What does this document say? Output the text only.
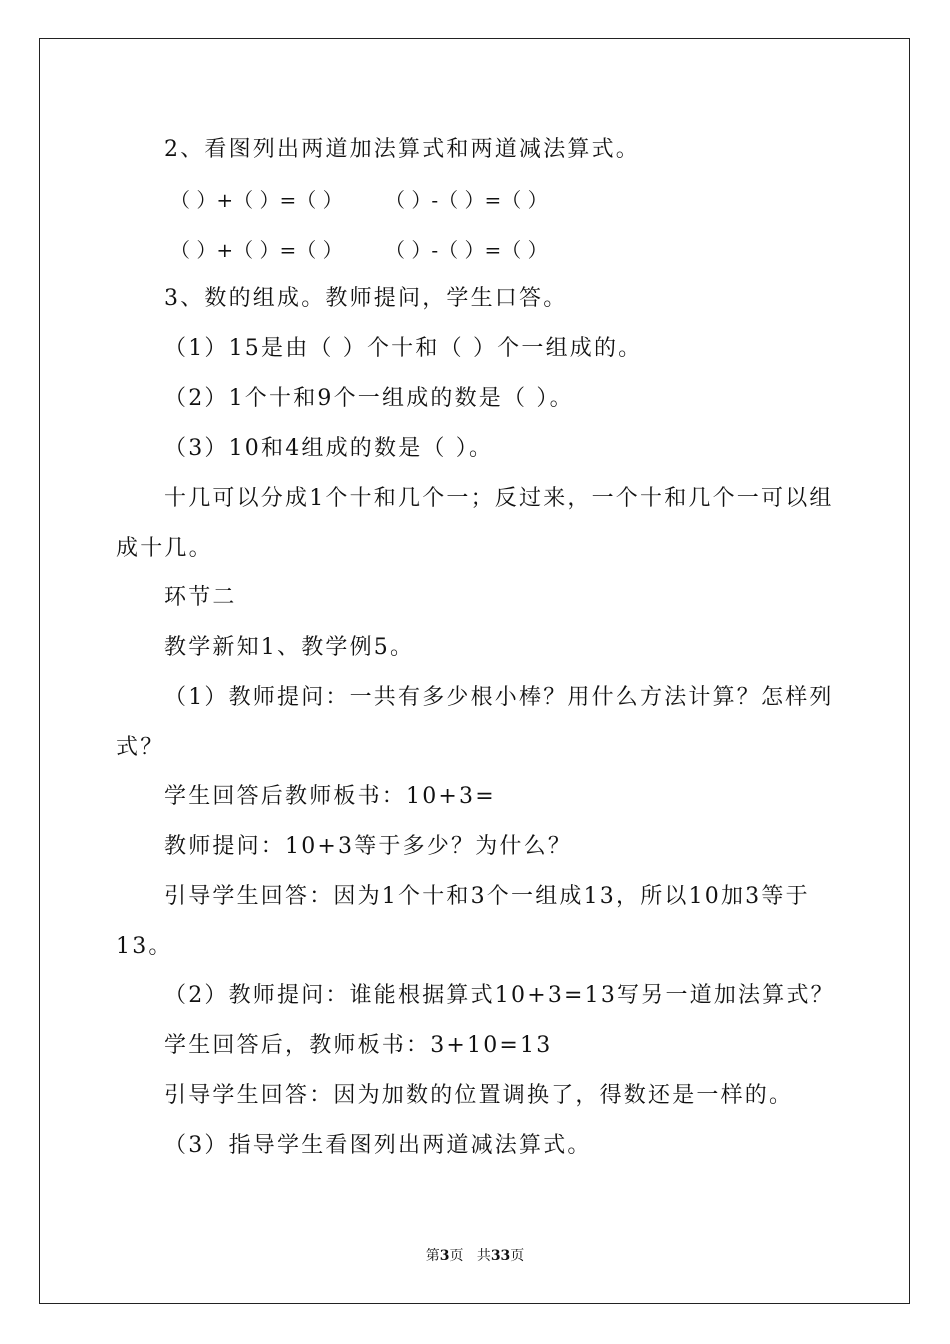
2、看图列出两道加法算式和两道减法算式。
（ ）+（ ）=（ ） （ ）-（ ）=（ ）
（ ）+（ ）=（ ） （ ）-（ ）=（ ）
3、数的组成。教师提问，学生口答。
（1）15是由（ ）个十和（ ）个一组成的。
（2）1个十和9个一组成的数是（ ）。
（3）10和4组成的数是（ ）。
十几可以分成1个十和几个一；反过来，一个十和几个一可以组
成十几。
环节二
教学新知1、教学例5。
（1）教师提问：一共有多少根小棒？用什么方法计算？怎样列
式？
学生回答后教师板书：10+3=
教师提问：10+3等于多少？为什么？
引导学生回答：因为1个十和3个一组成13，所以10加3等于
13。
（2）教师提问：谁能根据算式10+3=13写另一道加法算式？
学生回答后，教师板书：3+10=13
引导学生回答：因为加数的位置调换了，得数还是一样的。
（3）指导学生看图列出两道减法算式。
第3页 共33页
